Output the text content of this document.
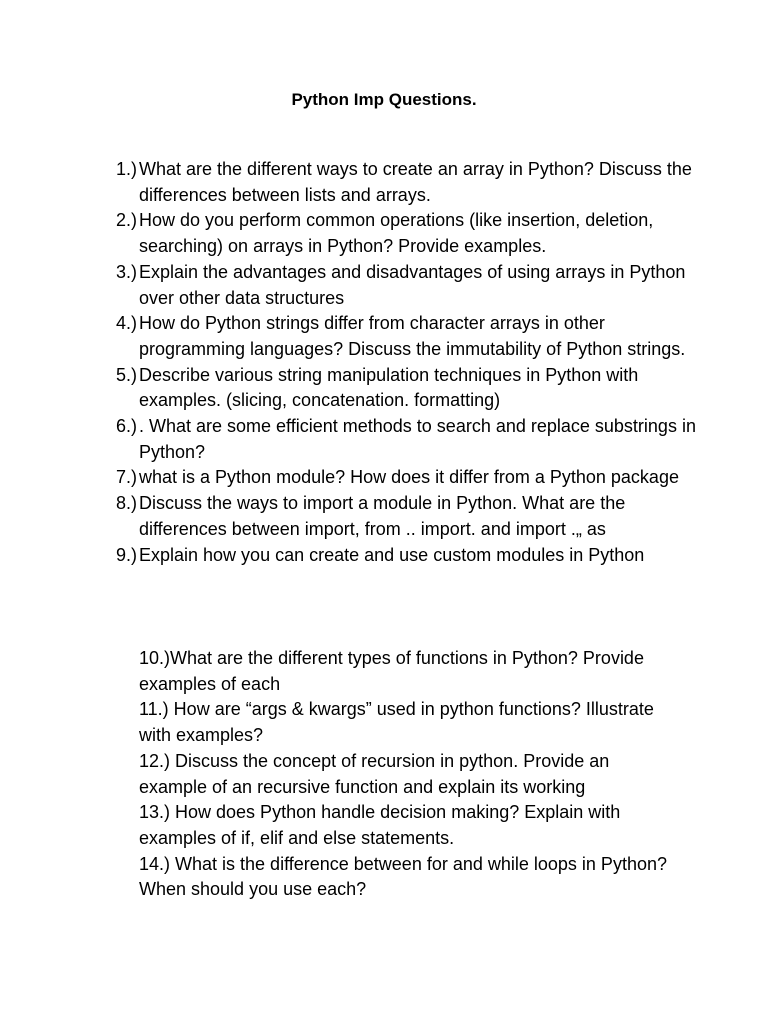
Python Imp Questions.
1.) What are the different ways to create an array in Python? Discuss the differences between lists and arrays.
2.) How do you perform common operations (like insertion, deletion, searching) on arrays in Python? Provide examples.
3.) Explain the advantages and disadvantages of using arrays in Python over other data structures
4.) How do Python strings differ from character arrays in other programming languages? Discuss the immutability of Python strings.
5.) Describe various string manipulation techniques in Python with examples. (slicing, concatenation. formatting)
6.) . What are some efficient methods to search and replace substrings in Python?
7.) what is a Python module? How does it differ from a Python package
8.) Discuss the ways to import a module in Python. What are the differences between import, from .. import. and import .„ as
9.) Explain how you can create and use custom modules in Python

10.)What are the different types of functions in Python? Provide examples of each

11.) How are “args & kwargs” used in python functions? Illustrate with examples?

12.) Discuss the concept of recursion in python. Provide an example of an recursive function and explain its working

13.) How does Python handle decision making? Explain with examples of if, elif and else statements.

14.) What is the difference between for and while loops in Python? When should you use each?
